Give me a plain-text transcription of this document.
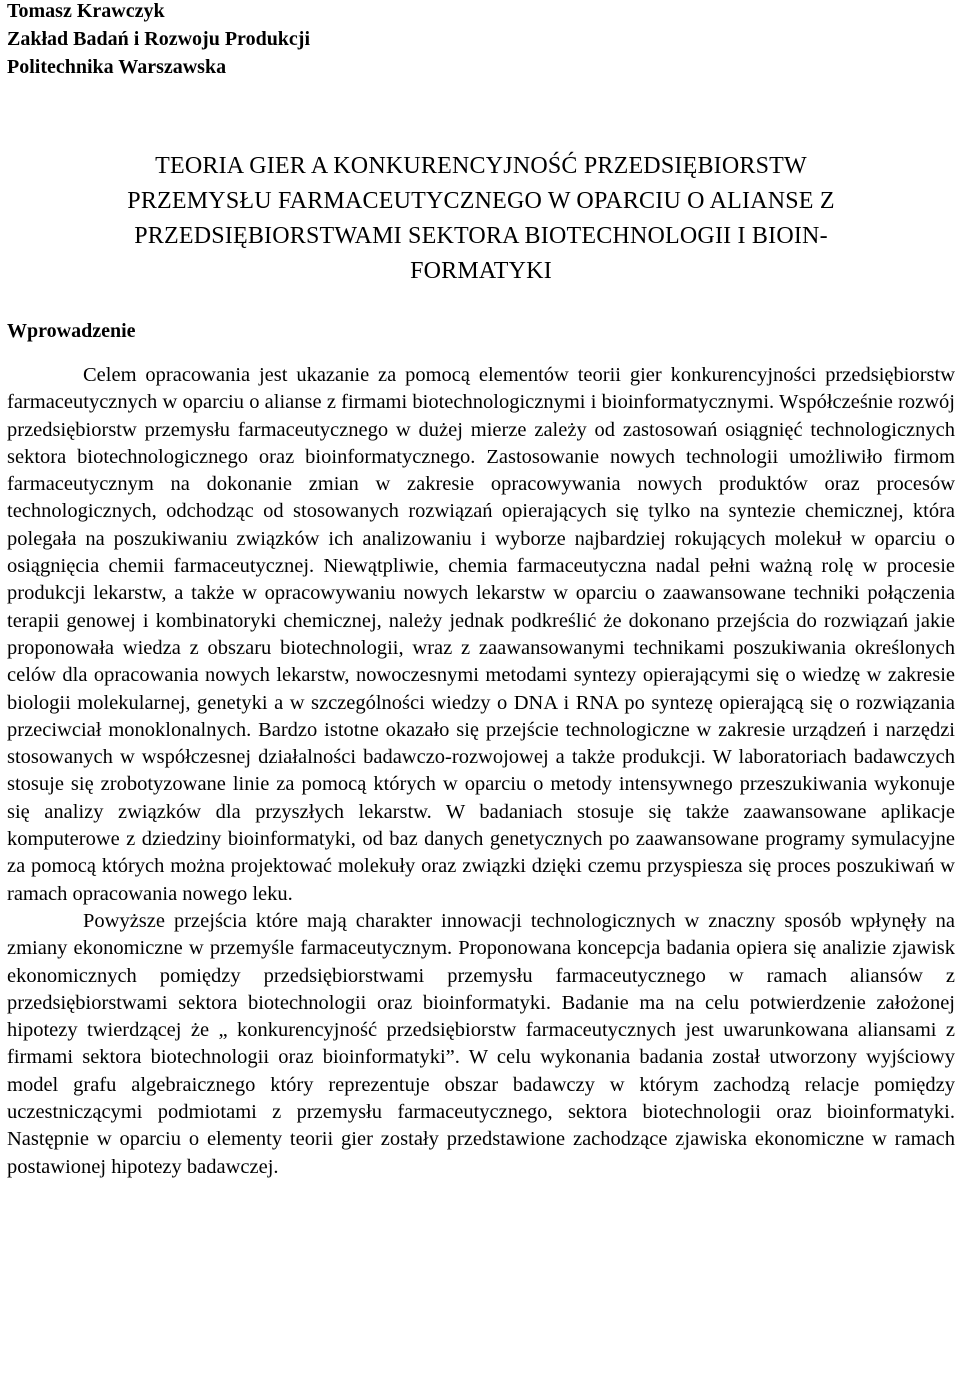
Tomasz Krawczyk
Zakład Badań i Rozwoju Produkcji
Politechnika Warszawska
TEORIA GIER A KONKURENCYJNOŚĆ PRZEDSIĘBIORSTW
PRZEMYSŁU FARMACEUTYCZNEGO W OPARCIU O ALIANSE Z
PRZEDSIĘBIORSTWAMI SEKTORA BIOTECHNOLOGII I BIOIN-
FORMATYKI
Wprowadzenie

Celem opracowania jest ukazanie za pomocą elementów teorii gier konkurencyjności przedsiębiorstw farmaceutycznych w oparciu o alianse z firmami biotechnologicznymi i bioinformatycznymi. Współcześnie rozwój przedsiębiorstw przemysłu farmaceutycznego w dużej mierze zależy od zastosowań osiągnięć technologicznych sektora biotechnologicznego oraz bioinformatycznego. Zastosowanie nowych technologii umożliwiło firmom farmaceutycznym na dokonanie zmian w zakresie opracowywania nowych produktów oraz procesów technologicznych, odchodząc od stosowanych rozwiązań opierających się tylko na syntezie chemicznej, która polegała na poszukiwaniu związków ich analizowaniu i wyborze najbardziej rokujących molekuł w oparciu o osiągnięcia chemii farmaceutycznej. Niewątpliwie, chemia farmaceutyczna nadal pełni ważną rolę w procesie produkcji lekarstw, a także w opracowywaniu nowych lekarstw w oparciu o zaawansowane techniki połączenia terapii genowej i kombinatoryki chemicznej, należy jednak podkreślić że dokonano przejścia do rozwiązań jakie proponowała wiedza z obszaru biotechnologii, wraz z zaawansowanymi technikami poszukiwania określonych celów dla opracowania nowych lekarstw, nowoczesnymi metodami syntezy opierającymi się o wiedzę w zakresie biologii molekularnej, genetyki a w szczególności wiedzy o DNA i RNA po syntezę opierającą się o rozwiązania przeciwciał monoklonalnych. Bardzo istotne okazało się przejście technologiczne w zakresie urządzeń i narzędzi stosowanych w współczesnej działalności badawczo-rozwojowej a także produkcji. W laboratoriach badawczych stosuje się zrobotyzowane linie za pomocą których w oparciu o metody intensywnego przeszukiwania wykonuje się analizy związków dla przyszłych lekarstw. W badaniach stosuje się także zaawansowane aplikacje komputerowe z dziedziny bioinformatyki, od baz danych genetycznych po zaawansowane programy symulacyjne za pomocą których można projektować molekuły oraz związki dzięki czemu przyspiesza się proces poszukiwań w ramach opracowania nowego leku.

Powyższe przejścia które mają charakter innowacji technologicznych w znaczny sposób wpłynęły na zmiany ekonomiczne w przemyśle farmaceutycznym. Proponowana koncepcja badania opiera się analizie zjawisk ekonomicznych pomiędzy przedsiębiorstwami przemysłu farmaceutycznego w ramach aliansów z przedsiębiorstwami sektora biotechnologii oraz bioinformatyki. Badanie ma na celu potwierdzenie założonej hipotezy twierdzącej że „ konkurencyjność przedsiębiorstw farmaceutycznych jest uwarunkowana aliansami z firmami sektora biotechnologii oraz bioinformatyki”. W celu wykonania badania został utworzony wyjściowy model grafu algebraicznego który reprezentuje obszar badawczy w którym zachodzą relacje pomiędzy uczestniczącymi podmiotami z przemysłu farmaceutycznego, sektora biotechnologii oraz bioinformatyki. Następnie w oparciu o elementy teorii gier zostały przedstawione zachodzące zjawiska ekonomiczne w ramach postawionej hipotezy badawczej.
